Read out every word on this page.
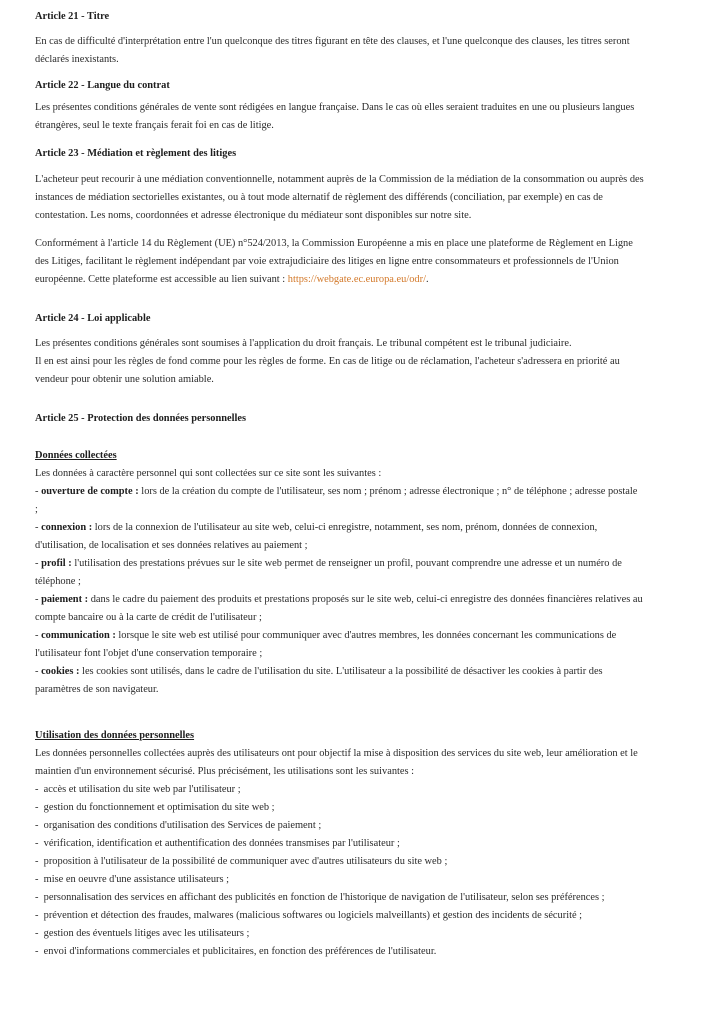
Article 21 - Titre
En cas de difficulté d'interprétation entre l'un quelconque des titres figurant en tête des clauses, et l'une quelconque des clauses, les titres seront
déclarés inexistants.
Article 22 - Langue du contrat
Les présentes conditions générales de vente sont rédigées en langue française. Dans le cas où elles seraient traduites en une ou plusieurs langues
étrangères, seul le texte français ferait foi en cas de litige.
Article 23 - Médiation et règlement des litiges
L'acheteur peut recourir à une médiation conventionnelle, notamment auprès de la Commission de la médiation de la consommation ou auprès des
instances de médiation sectorielles existantes, ou à tout mode alternatif de règlement des différends (conciliation, par exemple) en cas de
contestation. Les noms, coordonnées et adresse électronique du médiateur sont disponibles sur notre site.
Conformément à l'article 14 du Règlement (UE) n°524/2013, la Commission Européenne a mis en place une plateforme de Règlement en Ligne
des Litiges, facilitant le règlement indépendant par voie extrajudiciaire des litiges en ligne entre consommateurs et professionnels de l'Union
européenne. Cette plateforme est accessible au lien suivant : https://webgate.ec.europa.eu/odr/.
Article 24 - Loi applicable
Les présentes conditions générales sont soumises à l'application du droit français. Le tribunal compétent est le tribunal judiciaire.
Il en est ainsi pour les règles de fond comme pour les règles de forme. En cas de litige ou de réclamation, l'acheteur s'adressera en priorité au
vendeur pour obtenir une solution amiable.
Article 25 - Protection des données personnelles
Données collectées
Les données à caractère personnel qui sont collectées sur ce site sont les suivantes :
- ouverture de compte : lors de la création du compte de l'utilisateur, ses nom ; prénom ; adresse électronique ; n° de téléphone ; adresse postale
;
- connexion : lors de la connexion de l'utilisateur au site web, celui-ci enregistre, notamment, ses nom, prénom, données de connexion,
d'utilisation, de localisation et ses données relatives au paiement ;
- profil : l'utilisation des prestations prévues sur le site web permet de renseigner un profil, pouvant comprendre une adresse et un numéro de
téléphone ;
- paiement : dans le cadre du paiement des produits et prestations proposés sur le site web, celui-ci enregistre des données financières relatives au
compte bancaire ou à la carte de crédit de l'utilisateur ;
- communication : lorsque le site web est utilisé pour communiquer avec d'autres membres, les données concernant les communications de
l'utilisateur font l'objet d'une conservation temporaire ;
- cookies : les cookies sont utilisés, dans le cadre de l'utilisation du site. L'utilisateur a la possibilité de désactiver les cookies à partir des
paramètres de son navigateur.
Utilisation des données personnelles
Les données personnelles collectées auprès des utilisateurs ont pour objectif la mise à disposition des services du site web, leur amélioration et le
maintien d'un environnement sécurisé. Plus précisément, les utilisations sont les suivantes :
-  accès et utilisation du site web par l'utilisateur ;
-  gestion du fonctionnement et optimisation du site web ;
-  organisation des conditions d'utilisation des Services de paiement ;
-  vérification, identification et authentification des données transmises par l'utilisateur ;
-  proposition à l'utilisateur de la possibilité de communiquer avec d'autres utilisateurs du site web ;
-  mise en oeuvre d'une assistance utilisateurs ;
-  personnalisation des services en affichant des publicités en fonction de l'historique de navigation de l'utilisateur, selon ses préférences ;
-  prévention et détection des fraudes, malwares (malicious softwares ou logiciels malveillants) et gestion des incidents de sécurité ;
-  gestion des éventuels litiges avec les utilisateurs ;
-  envoi d'informations commerciales et publicitaires, en fonction des préférences de l'utilisateur.
